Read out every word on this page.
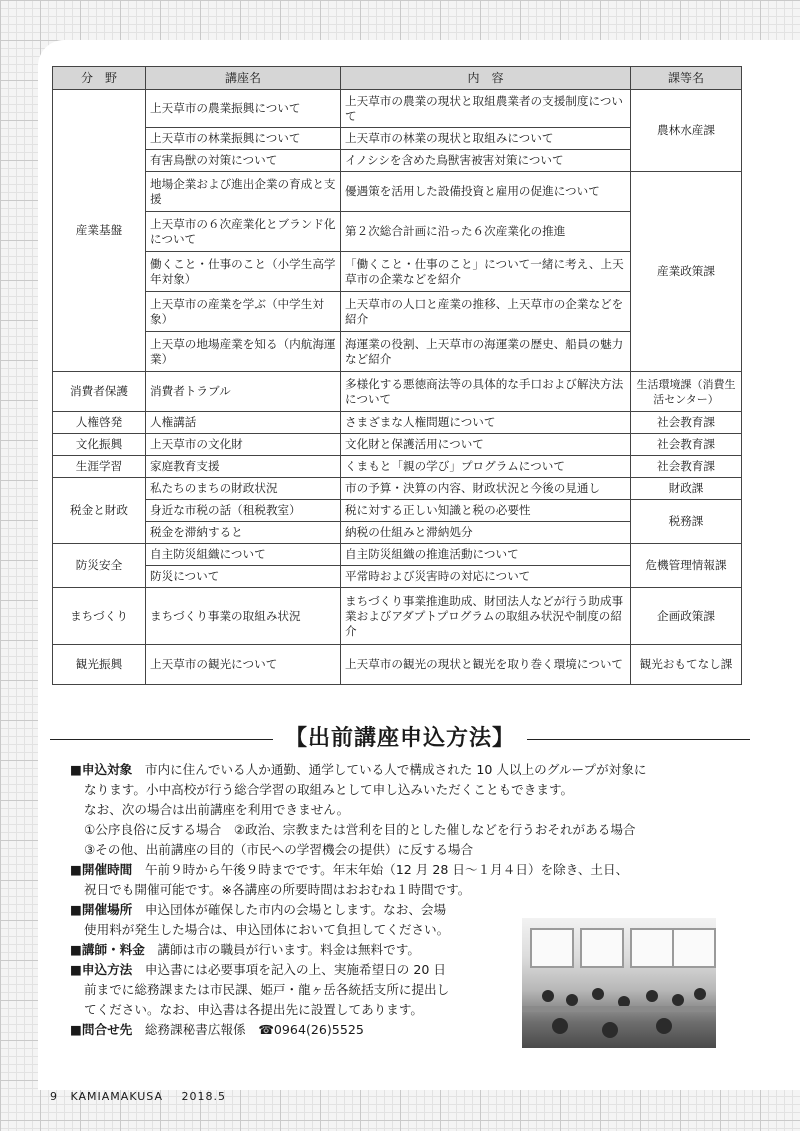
分　野	講座名	内　容	課等名
産業基盤	上天草市の農業振興について	上天草市の農業の現状と取組農業者の支援制度について	農林水産課
	上天草市の林業振興について	上天草市の林業の現状と取組みについて	
	有害鳥獣の対策について	イノシシを含めた鳥獣害被害対策について	
	地場企業および進出企業の育成と支援	優遇策を活用した設備投資と雇用の促進について	産業政策課
	上天草市の６次産業化とブランド化について	第２次総合計画に沿った６次産業化の推進	
	働くこと・仕事のこと（小学生高学年対象）	「働くこと・仕事のこと」について一緒に考え、上天草市の企業などを紹介	
	上天草市の産業を学ぶ（中学生対象）	上天草市の人口と産業の推移、上天草市の企業などを紹介	
	上天草の地場産業を知る（内航海運業）	海運業の役割、上天草市の海運業の歴史、船員の魅力など紹介	
消費者保護	消費者トラブル	多様化する悪徳商法等の具体的な手口および解決方法について	生活環境課（消費生活センター）
人権啓発	人権講話	さまざまな人権問題について	社会教育課
文化振興	上天草市の文化財	文化財と保護活用について	社会教育課
生涯学習	家庭教育支援	くまもと「親の学び」プログラムについて	社会教育課
税金と財政	私たちのまちの財政状況	市の予算・決算の内容、財政状況と今後の見通し	財政課
	身近な市税の話（租税教室）	税に対する正しい知識と税の必要性	税務課
	税金を滞納すると	納税の仕組みと滞納処分	
防災安全	自主防災組織について	自主防災組織の推進活動について	危機管理情報課
	防災について	平常時および災害時の対応について	
まちづくり	まちづくり事業の取組み状況	まちづくり事業推進助成、財団法人などが行う助成事業およびアダプトプログラムの取組み状況や制度の紹介	企画政策課
観光振興	上天草市の観光について	上天草市の観光の現状と観光を取り巻く環境について	観光おもてなし課
【出前講座申込方法】

■申込対象　 市内に住んでいる人か通勤、通学している人で構成された 10 人以上のグループが対象に

なります。小中高校が行う総合学習の取組みとして申し込みいただくこともできます。

なお、次の場合は出前講座を利用できません。

①公序良俗に反する場合　②政治、宗教または営利を目的とした催しなどを行うおそれがある場合

③その他、出前講座の目的（市民への学習機会の提供）に反する場合

■開催時間　 午前９時から午後９時までです。年末年始（12 月 28 日～１月４日）を除き、土日、

祝日でも開催可能です。※各講座の所要時間はおおむね１時間です。

■開催場所　 申込団体が確保した市内の会場とします。なお、会場

使用料が発生した場合は、申込団体において負担してください。

■講師・料金　 講師は市の職員が行います。料金は無料です。

■申込方法　 申込書には必要事項を記入の上、実施希望日の 20 日

前までに総務課または市民課、姫戸・龍ヶ岳各統括支所に提出し

てください。なお、申込書は各提出先に設置してあります。

■問合せ先　 総務課秘書広報係　☎0964(26)5525

9 KAMIAMAKUSA 2018.5
